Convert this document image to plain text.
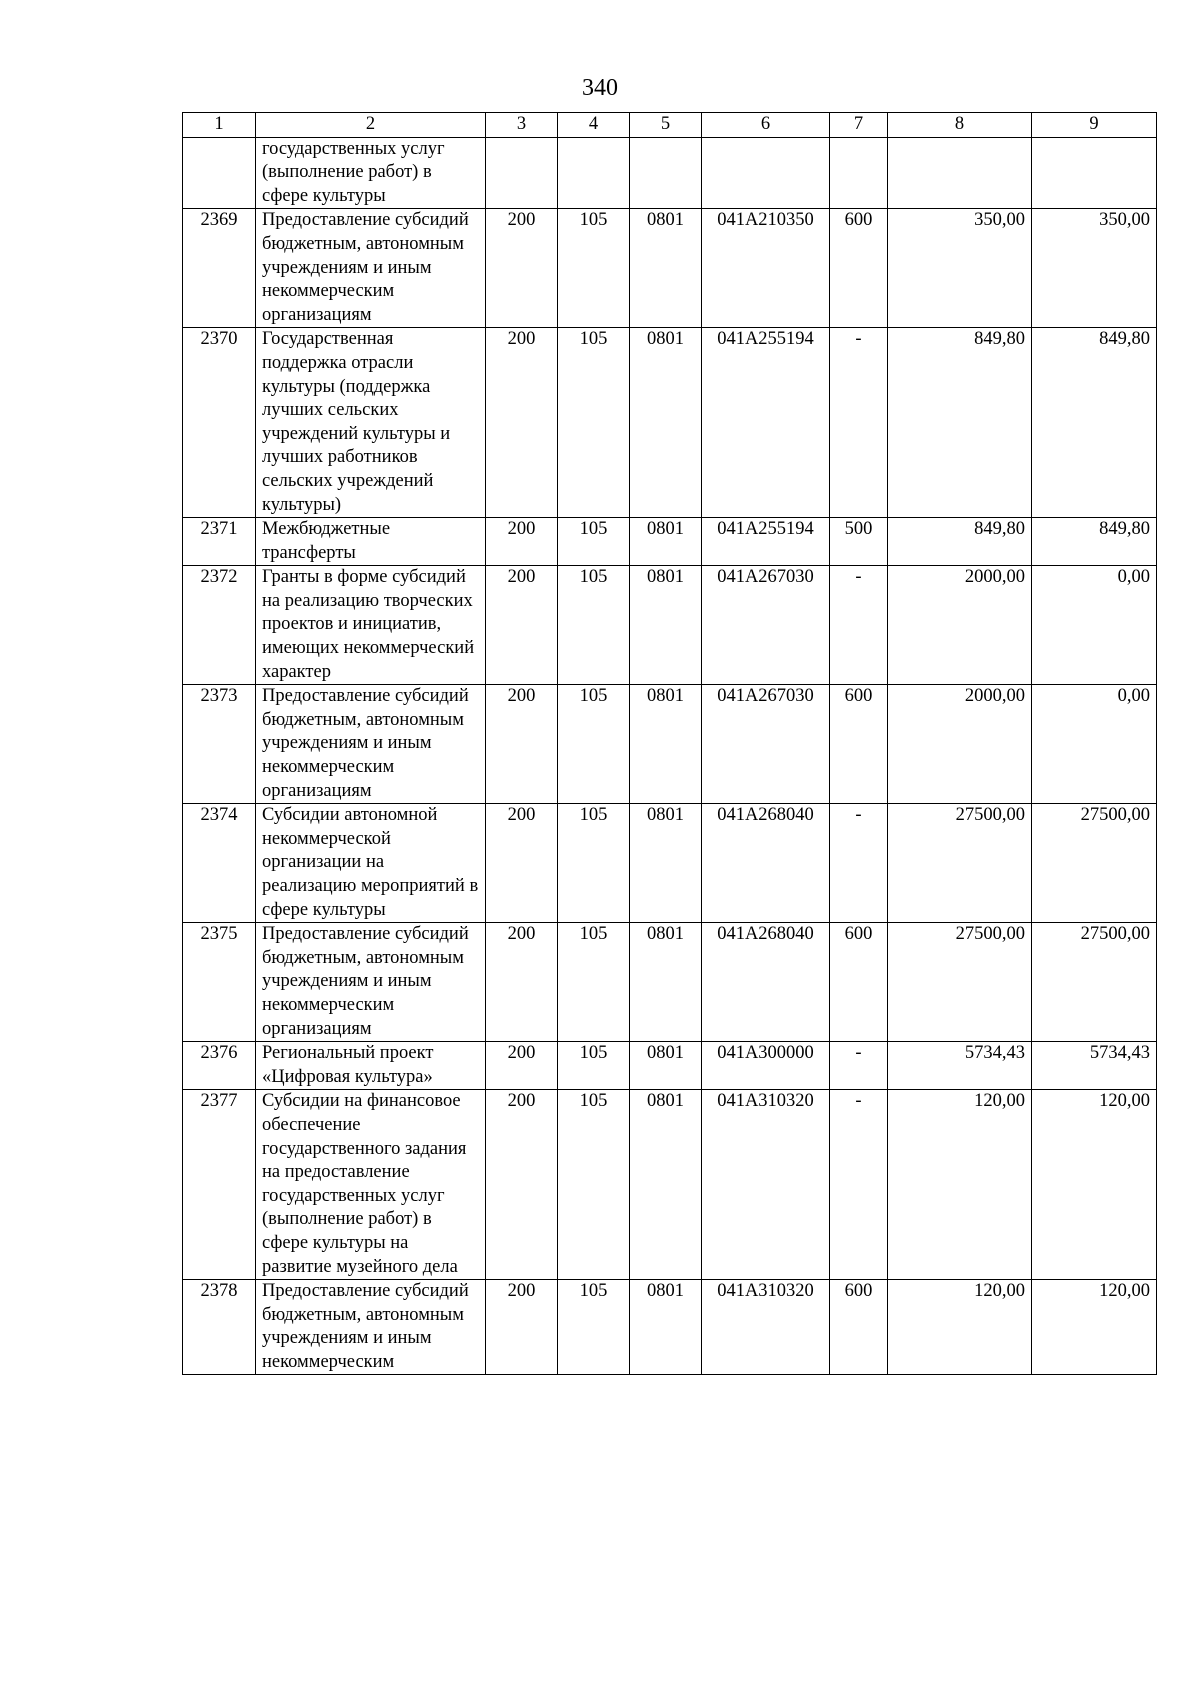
340
1	2	3	4	5	6	7	8	9
	государственных услуг (выполнение работ) в сфере культуры							
2369	Предоставление субсидий бюджетным, автономным учреждениям и иным некоммерческим организациям	200	105	0801	041A210350	600	350,00	350,00
2370	Государственная поддержка отрасли культуры (поддержка лучших сельских учреждений культуры и лучших работников сельских учреждений культуры)	200	105	0801	041A255194	-	849,80	849,80
2371	Межбюджетные трансферты	200	105	0801	041A255194	500	849,80	849,80
2372	Гранты в форме субсидий на реализацию творческих проектов и инициатив, имеющих некоммерческий характер	200	105	0801	041A267030	-	2000,00	0,00
2373	Предоставление субсидий бюджетным, автономным учреждениям и иным некоммерческим организациям	200	105	0801	041A267030	600	2000,00	0,00
2374	Субсидии автономной некоммерческой организации на реализацию мероприятий в сфере культуры	200	105	0801	041A268040	-	27500,00	27500,00
2375	Предоставление субсидий бюджетным, автономным учреждениям и иным некоммерческим организациям	200	105	0801	041A268040	600	27500,00	27500,00
2376	Региональный проект «Цифровая культура»	200	105	0801	041A300000	-	5734,43	5734,43
2377	Субсидии на финансовое обеспечение государственного задания на предоставление государственных услуг (выполнение работ) в сфере культуры на развитие музейного дела	200	105	0801	041A310320	-	120,00	120,00
2378	Предоставление субсидий бюджетным, автономным учреждениям и иным некоммерческим	200	105	0801	041A310320	600	120,00	120,00
